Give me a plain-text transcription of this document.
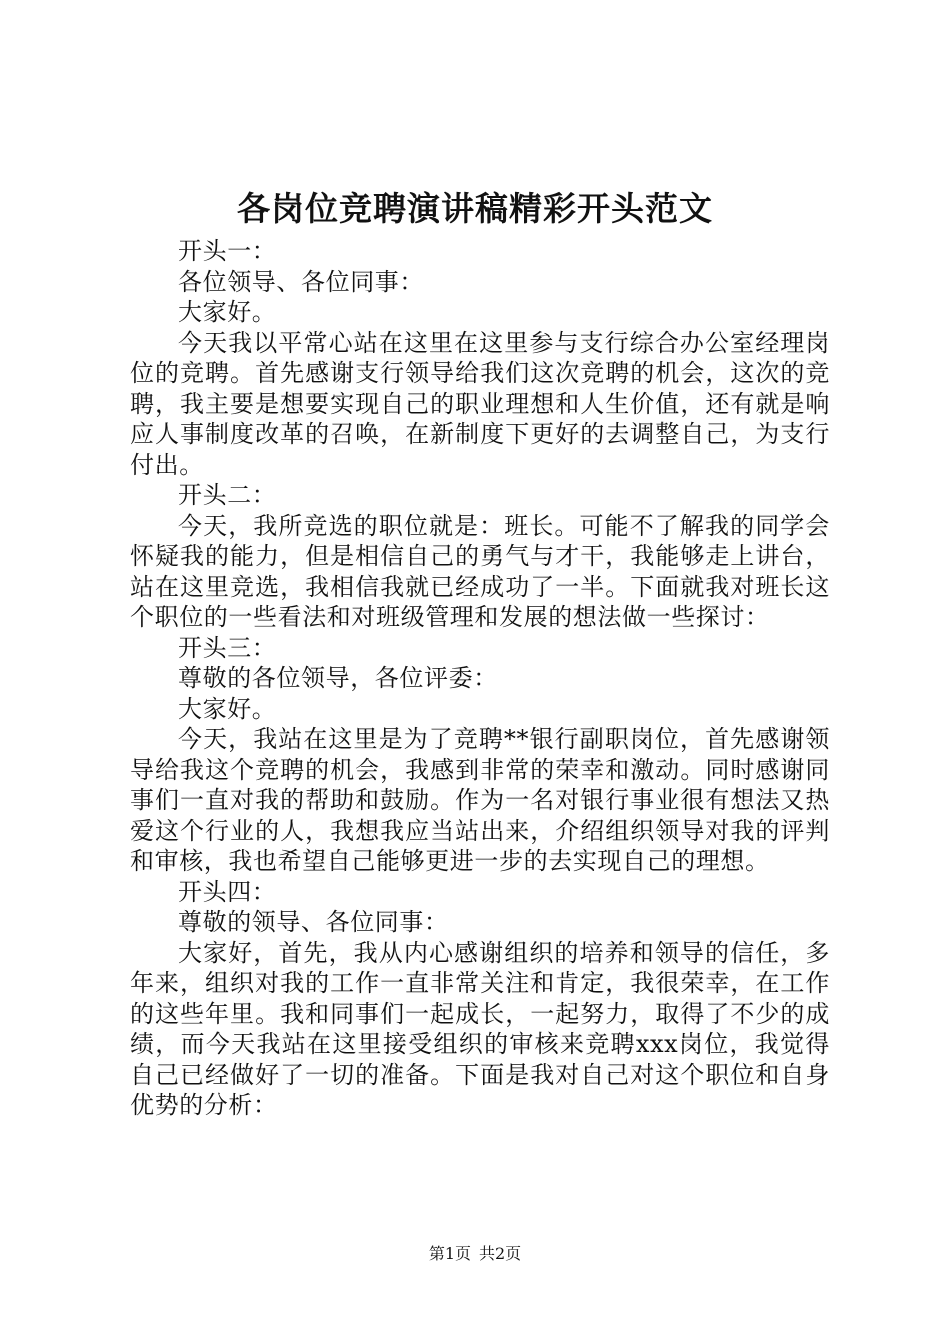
各岗位竞聘演讲稿精彩开头范文

开头一：

各位领导、各位同事：

大家好。

今天我以平常心站在这里在这里参与支行综合办公室经理岗位的竞聘。首先感谢支行领导给我们这次竞聘的机会，这次的竞聘，我主要是想要实现自己的职业理想和人生价值，还有就是响应人事制度改革的召唤，在新制度下更好的去调整自己，为支行付出。

开头二：

今天，我所竞选的职位就是：班长。可能不了解我的同学会怀疑我的能力，但是相信自己的勇气与才干，我能够走上讲台，站在这里竞选，我相信我就已经成功了一半。下面就我对班长这个职位的一些看法和对班级管理和发展的想法做一些探讨：

开头三：

尊敬的各位领导，各位评委：

大家好。

今天，我站在这里是为了竞聘**银行副职岗位，首先感谢领导给我这个竞聘的机会，我感到非常的荣幸和激动。同时感谢同事们一直对我的帮助和鼓励。作为一名对银行事业很有想法又热爱这个行业的人，我想我应当站出来，介绍组织领导对我的评判和审核，我也希望自己能够更进一步的去实现自己的理想。

开头四：

尊敬的领导、各位同事：

大家好，首先，我从内心感谢组织的培养和领导的信任，多年来，组织对我的工作一直非常关注和肯定，我很荣幸，在工作的这些年里。我和同事们一起成长，一起努力，取得了不少的成绩，而今天我站在这里接受组织的审核来竞聘xxx岗位，我觉得自己已经做好了一切的准备。下面是我对自己对这个职位和自身优势的分析：

第1页 共2页
